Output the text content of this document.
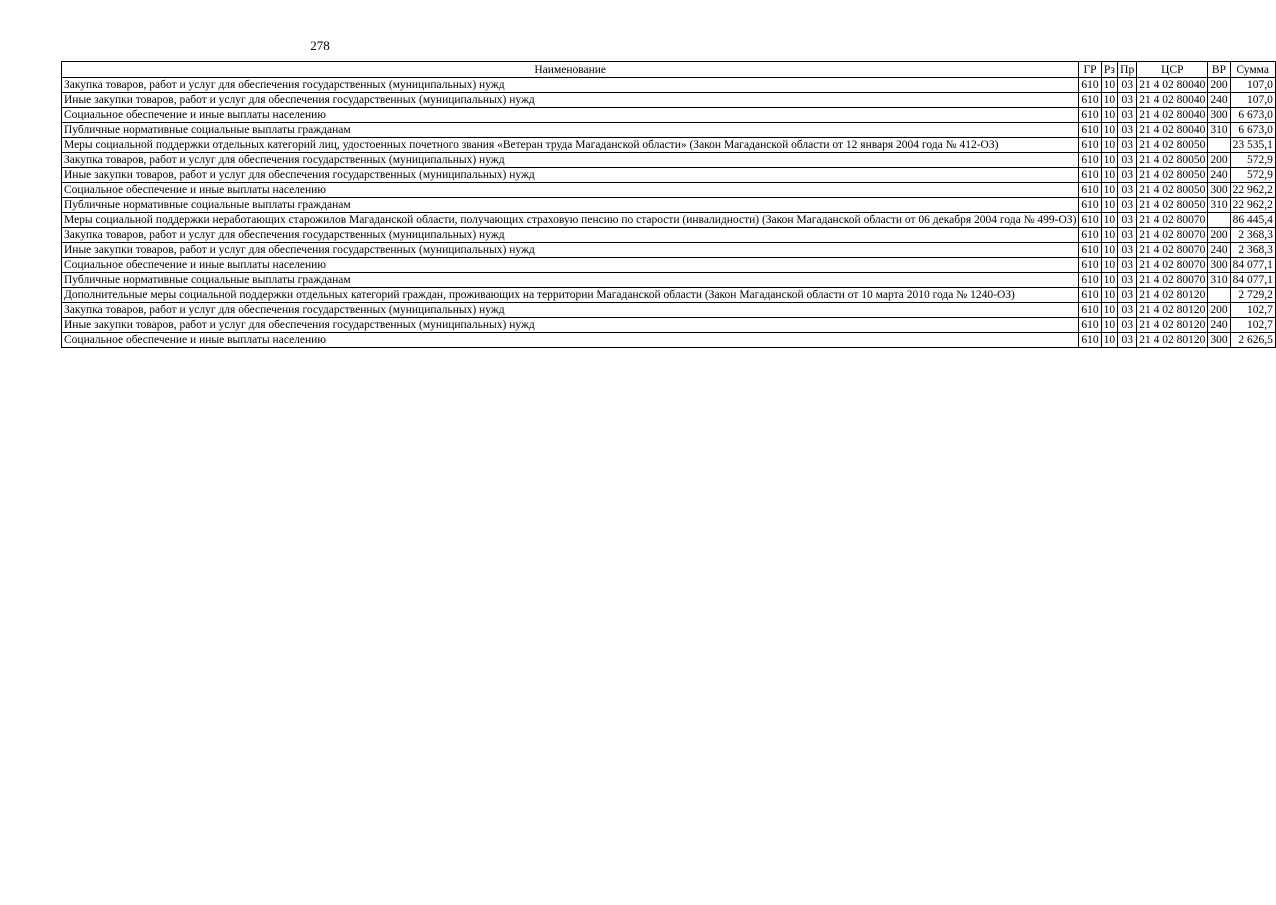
278
Наименование	ГР	Рз	Пр	ЦСР	ВР	Сумма
Закупка товаров, работ и услуг для обеспечения государственных (муниципальных) нужд	610	10	03	21 4 02 80040	200	107,0
Иные закупки товаров, работ и услуг для обеспечения государственных (муниципальных) нужд	610	10	03	21 4 02 80040	240	107,0
Социальное обеспечение и иные выплаты населению	610	10	03	21 4 02 80040	300	6 673,0
Публичные нормативные социальные выплаты гражданам	610	10	03	21 4 02 80040	310	6 673,0
Меры социальной поддержки отдельных категорий лиц, удостоенных почетного звания «Ветеран труда Магаданской области» (Закон Магаданской области от 12 января 2004 года № 412-ОЗ)	610	10	03	21 4 02 80050		23 535,1
Закупка товаров, работ и услуг для обеспечения государственных (муниципальных) нужд	610	10	03	21 4 02 80050	200	572,9
Иные закупки товаров, работ и услуг для обеспечения государственных (муниципальных) нужд	610	10	03	21 4 02 80050	240	572,9
Социальное обеспечение и иные выплаты населению	610	10	03	21 4 02 80050	300	22 962,2
Публичные нормативные социальные выплаты гражданам	610	10	03	21 4 02 80050	310	22 962,2
Меры социальной поддержки неработающих старожилов Магаданской области, получающих страховую пенсию по старости (инвалидности) (Закон Магаданской области от 06 декабря 2004 года № 499-ОЗ)	610	10	03	21 4 02 80070		86 445,4
Закупка товаров, работ и услуг для обеспечения государственных (муниципальных) нужд	610	10	03	21 4 02 80070	200	2 368,3
Иные закупки товаров, работ и услуг для обеспечения государственных (муниципальных) нужд	610	10	03	21 4 02 80070	240	2 368,3
Социальное обеспечение и иные выплаты населению	610	10	03	21 4 02 80070	300	84 077,1
Публичные нормативные социальные выплаты гражданам	610	10	03	21 4 02 80070	310	84 077,1
Дополнительные меры социальной поддержки отдельных категорий граждан, проживающих на территории Магаданской области (Закон Магаданской области от 10 марта 2010 года № 1240-ОЗ)	610	10	03	21 4 02 80120		2 729,2
Закупка товаров, работ и услуг для обеспечения государственных (муниципальных) нужд	610	10	03	21 4 02 80120	200	102,7
Иные закупки товаров, работ и услуг для обеспечения государственных (муниципальных) нужд	610	10	03	21 4 02 80120	240	102,7
Социальное обеспечение и иные выплаты населению	610	10	03	21 4 02 80120	300	2 626,5
